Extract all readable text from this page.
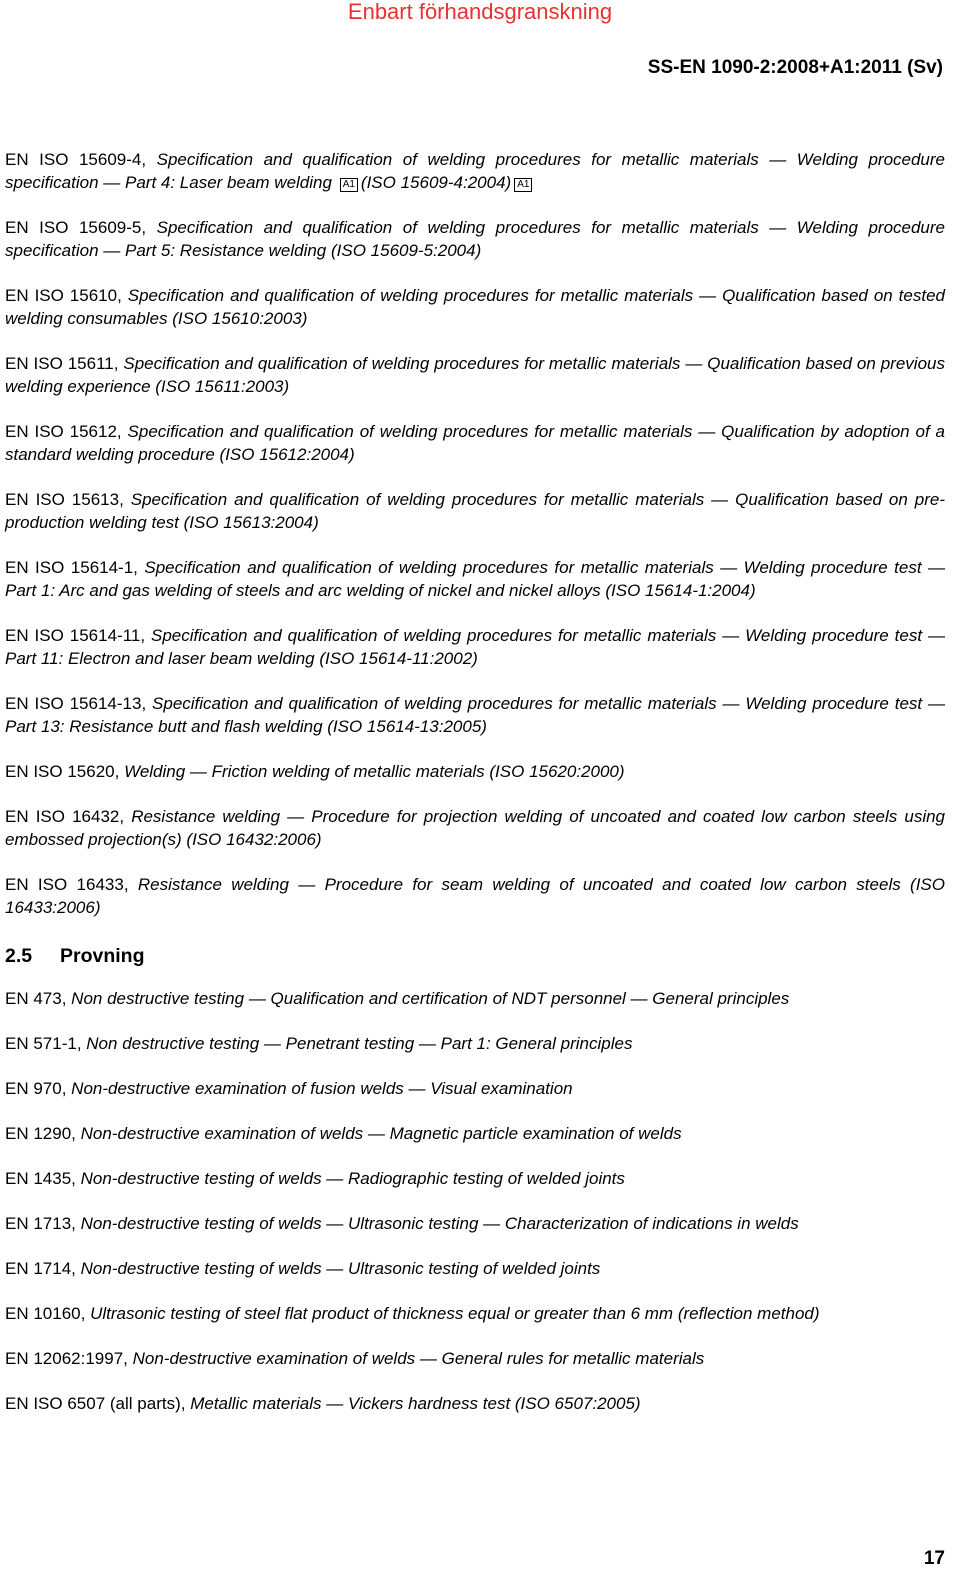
Enbart förhandsgranskning
SS-EN 1090-2:2008+A1:2011 (Sv)

EN ISO 15609-4, Specification and qualification of welding procedures for metallic materials — Welding procedure specification — Part 4: Laser beam welding A1 (ISO 15609-4:2004) A1

EN ISO 15609-5, Specification and qualification of welding procedures for metallic materials — Welding procedure specification — Part 5: Resistance welding (ISO 15609-5:2004)

EN ISO 15610, Specification and qualification of welding procedures for metallic materials — Qualification based on tested welding consumables (ISO 15610:2003)

EN ISO 15611, Specification and qualification of welding procedures for metallic materials — Qualification based on previous welding experience (ISO 15611:2003)

EN ISO 15612, Specification and qualification of welding procedures for metallic materials — Qualification by adoption of a standard welding procedure (ISO 15612:2004)

EN ISO 15613, Specification and qualification of welding procedures for metallic materials — Qualification based on pre-production welding test (ISO 15613:2004)

EN ISO 15614-1, Specification and qualification of welding procedures for metallic materials — Welding procedure test — Part 1: Arc and gas welding of steels and arc welding of nickel and nickel alloys (ISO 15614-1:2004)

EN ISO 15614-11, Specification and qualification of welding procedures for metallic materials — Welding procedure test — Part 11: Electron and laser beam welding (ISO 15614-11:2002)

EN ISO 15614-13, Specification and qualification of welding procedures for metallic materials — Welding procedure test — Part 13: Resistance butt and flash welding (ISO 15614-13:2005)

EN ISO 15620, Welding — Friction welding of metallic materials (ISO 15620:2000)

EN ISO 16432, Resistance welding — Procedure for projection welding of uncoated and coated low carbon steels using embossed projection(s) (ISO 16432:2006)

EN ISO 16433, Resistance welding — Procedure for seam welding of uncoated and coated low carbon steels (ISO 16433:2006)

2.5	Provning

EN 473, Non destructive testing — Qualification and certification of NDT personnel — General principles

EN 571-1, Non destructive testing — Penetrant testing — Part 1: General principles

EN 970, Non-destructive examination of fusion welds — Visual examination

EN 1290, Non-destructive examination of welds — Magnetic particle examination of welds

EN 1435, Non-destructive testing of welds — Radiographic testing of welded joints

EN 1713, Non-destructive testing of welds — Ultrasonic testing — Characterization of indications in welds

EN 1714, Non-destructive testing of welds — Ultrasonic testing of welded joints

EN 10160, Ultrasonic testing of steel flat product of thickness equal or greater than 6 mm (reflection method)

EN 12062:1997, Non-destructive examination of welds — General rules for metallic materials

EN ISO 6507 (all parts), Metallic materials — Vickers hardness test (ISO 6507:2005)

17
